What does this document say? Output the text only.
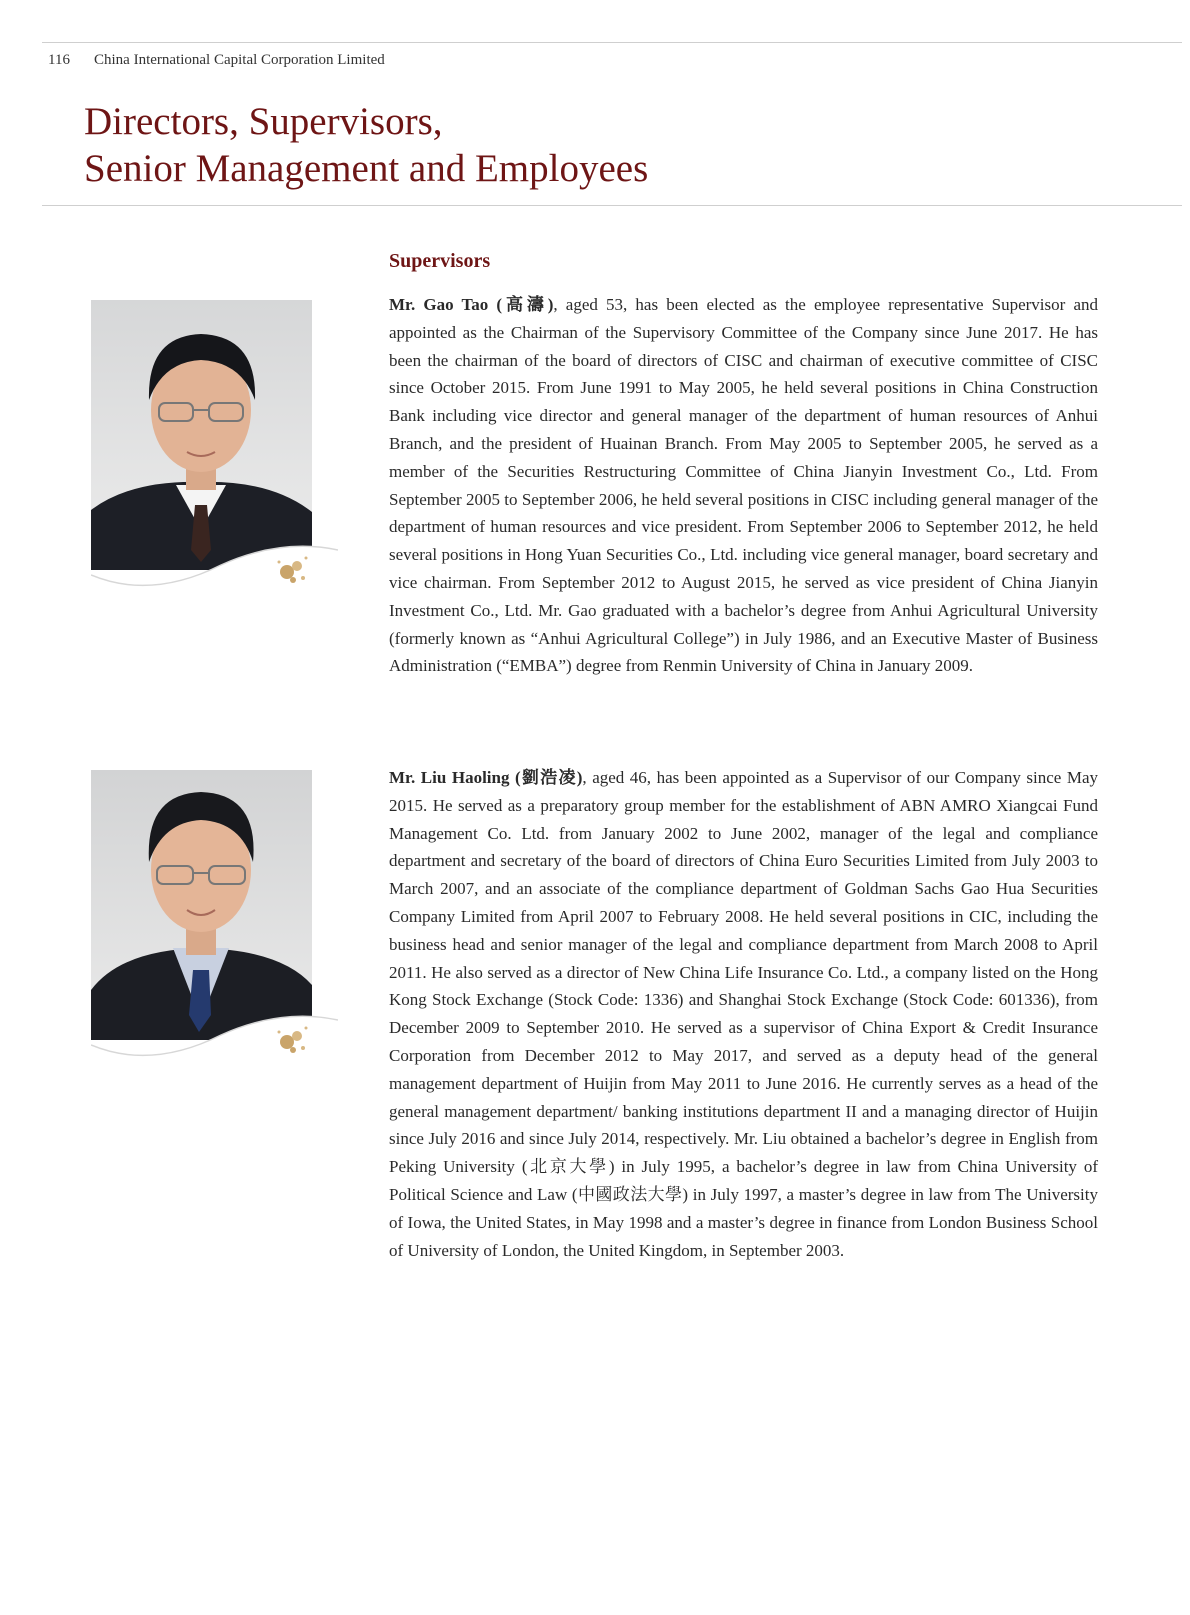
116 China International Capital Corporation Limited
Directors, Supervisors,
Senior Management and Employees
Supervisors

Mr. Gao Tao (高濤), aged 53, has been elected as the employee representative Supervisor and appointed as the Chairman of the Supervisory Committee of the Company since June 2017. He has been the chairman of the board of directors of CISC and chairman of executive committee of CISC since October 2015. From June 1991 to May 2005, he held several positions in China Construction Bank including vice director and general manager of the department of human resources of Anhui Branch, and the president of Huainan Branch. From May 2005 to September 2005, he served as a member of the Securities Restructuring Committee of China Jianyin Investment Co., Ltd. From September 2005 to September 2006, he held several positions in CISC including general manager of the department of human resources and vice president. From September 2006 to September 2012, he held several positions in Hong Yuan Securities Co., Ltd. including vice general manager, board secretary and vice chairman. From September 2012 to August 2015, he served as vice president of China Jianyin Investment Co., Ltd. Mr. Gao graduated with a bachelor’s degree from Anhui Agricultural University (formerly known as “Anhui Agricultural College”) in July 1986, and an Executive Master of Business Administration (“EMBA”) degree from Renmin University of China in January 2009.

Mr. Liu Haoling (劉浩凌), aged 46, has been appointed as a Supervisor of our Company since May 2015. He served as a preparatory group member for the establishment of ABN AMRO Xiangcai Fund Management Co. Ltd. from January 2002 to June 2002, manager of the legal and compliance department and secretary of the board of directors of China Euro Securities Limited from July 2003 to March 2007, and an associate of the compliance department of Goldman Sachs Gao Hua Securities Company Limited from April 2007 to February 2008. He held several positions in CIC, including the business head and senior manager of the legal and compliance department from March 2008 to April 2011. He also served as a director of New China Life Insurance Co. Ltd., a company listed on the Hong Kong Stock Exchange (Stock Code: 1336) and Shanghai Stock Exchange (Stock Code: 601336), from December 2009 to September 2010. He served as a supervisor of China Export & Credit Insurance Corporation from December 2012 to May 2017, and served as a deputy head of the general management department of Huijin from May 2011 to June 2016. He currently serves as a head of the general management department/ banking institutions department II and a managing director of Huijin since July 2016 and since July 2014, respectively. Mr. Liu obtained a bachelor’s degree in English from Peking University (北京大學) in July 1995, a bachelor’s degree in law from China University of Political Science and Law (中國政法大學) in July 1997, a master’s degree in law from The University of Iowa, the United States, in May 1998 and a master’s degree in finance from London Business School of University of London, the United Kingdom, in September 2003.
